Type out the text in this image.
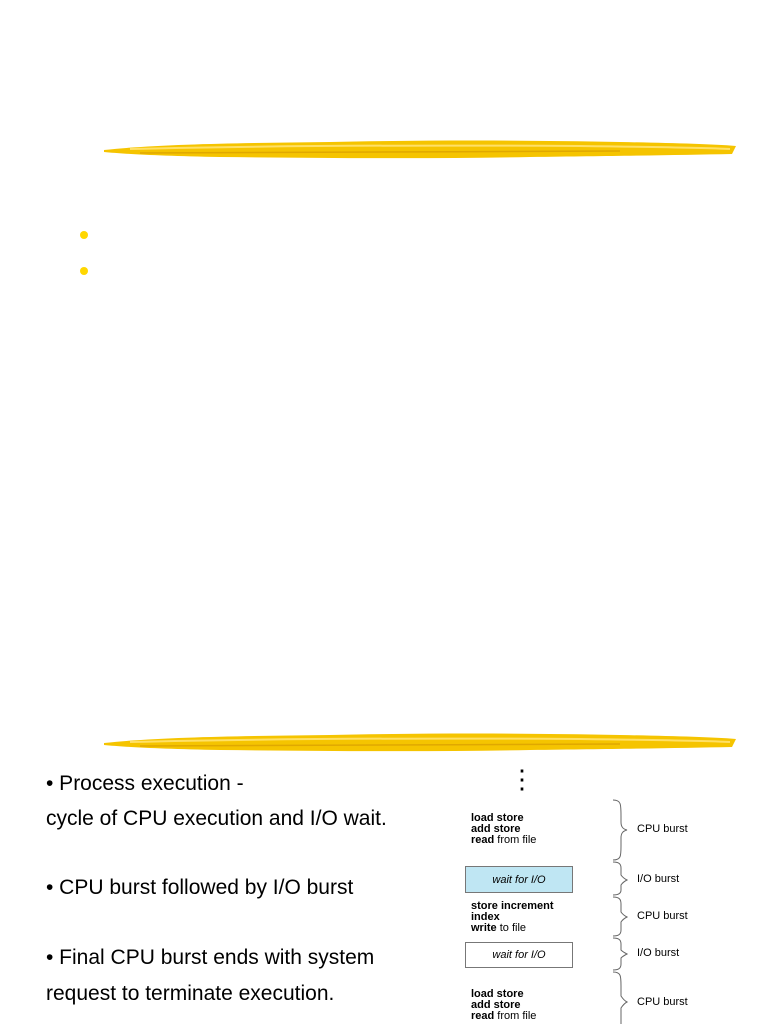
• Process execution -
cycle of CPU execution and I/O wait.
• CPU burst followed by I/O burst
• Final CPU burst ends with system
request to terminate execution.
⋮
load store
add store
read from file
wait for I/O
store increment
index
write to file
wait for I/O
load store
add store
read from file
CPU burst
I/O burst
CPU burst
I/O burst
CPU burst
